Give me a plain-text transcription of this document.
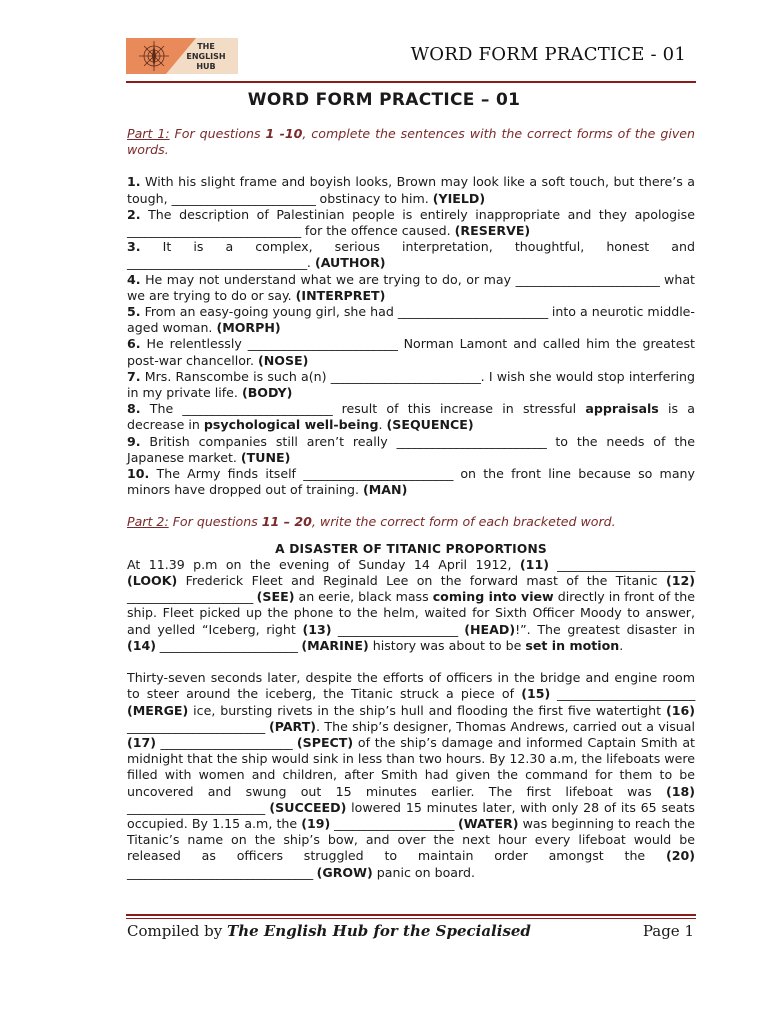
THE
ENGLISH
HUB
WORD FORM PRACTICE - 01
WORD FORM PRACTICE – 01

Part 1: For questions 1 -10, complete the sentences with the correct forms of the given words.

1. With his slight frame and boyish looks, Brown may look like a soft touch, but there’s a tough, ________________________ obstinacy to him. (YIELD)

2. The description of Palestinian people is entirely inappropriate and they apologise _____________________________ for the offence caused. (RESERVE)

3. It is a complex, serious interpretation, thoughtful, honest and ______________________________. (AUTHOR)

4. He may not understand what we are trying to do, or may ________________________ what we are trying to do or say. (INTERPRET)

5. From an easy-going young girl, she had _________________________ into a neurotic middle-aged woman. (MORPH)

6. He relentlessly _________________________ Norman Lamont and called him the greatest post-war chancellor. (NOSE)

7. Mrs. Ranscombe is such a(n) _________________________. I wish she would stop interfering in my private life. (BODY)

8. The _________________________ result of this increase in stressful appraisals is a decrease in psychological well-being. (SEQUENCE)

9. British companies still aren’t really _________________________ to the needs of the Japanese market. (TUNE)

10. The Army finds itself _________________________ on the front line because so many minors have dropped out of training. (MAN)

Part 2: For questions 11 – 20, write the correct form of each bracketed word.

A DISASTER OF TITANIC PROPORTIONS

At 11.39 p.m on the evening of Sunday 14 April 1912, (11) _______________________ (LOOK) Frederick Fleet and Reginald Lee on the forward mast of the Titanic (12) _____________________ (SEE) an eerie, black mass coming into view directly in front of the ship. Fleet picked up the phone to the helm, waited for Sixth Officer Moody to answer, and yelled “Iceberg, right (13) ____________________ (HEAD)!”. The greatest disaster in (14) _______________________ (MARINE) history was about to be set in motion.

Thirty-seven seconds later, despite the efforts of officers in the bridge and engine room to steer around the iceberg, the Titanic struck a piece of (15) _______________________ (MERGE) ice, bursting rivets in the ship’s hull and flooding the first five watertight (16) _______________________ (PART). The ship’s designer, Thomas Andrews, carried out a visual (17) ______________________ (SPECT) of the ship’s damage and informed Captain Smith at midnight that the ship would sink in less than two hours. By 12.30 a.m, the lifeboats were filled with women and children, after Smith had given the command for them to be uncovered and swung out 15 minutes earlier. The first lifeboat was (18) _______________________ (SUCCEED) lowered 15 minutes later, with only 28 of its 65 seats occupied. By 1.15 a.m, the (19) ____________________ (WATER) was beginning to reach the Titanic’s name on the ship’s bow, and over the next hour every lifeboat would be released as officers struggled to maintain order amongst the (20) _______________________________ (GROW) panic on board.

Compiled by The English Hub for the Specialised	Page 1
